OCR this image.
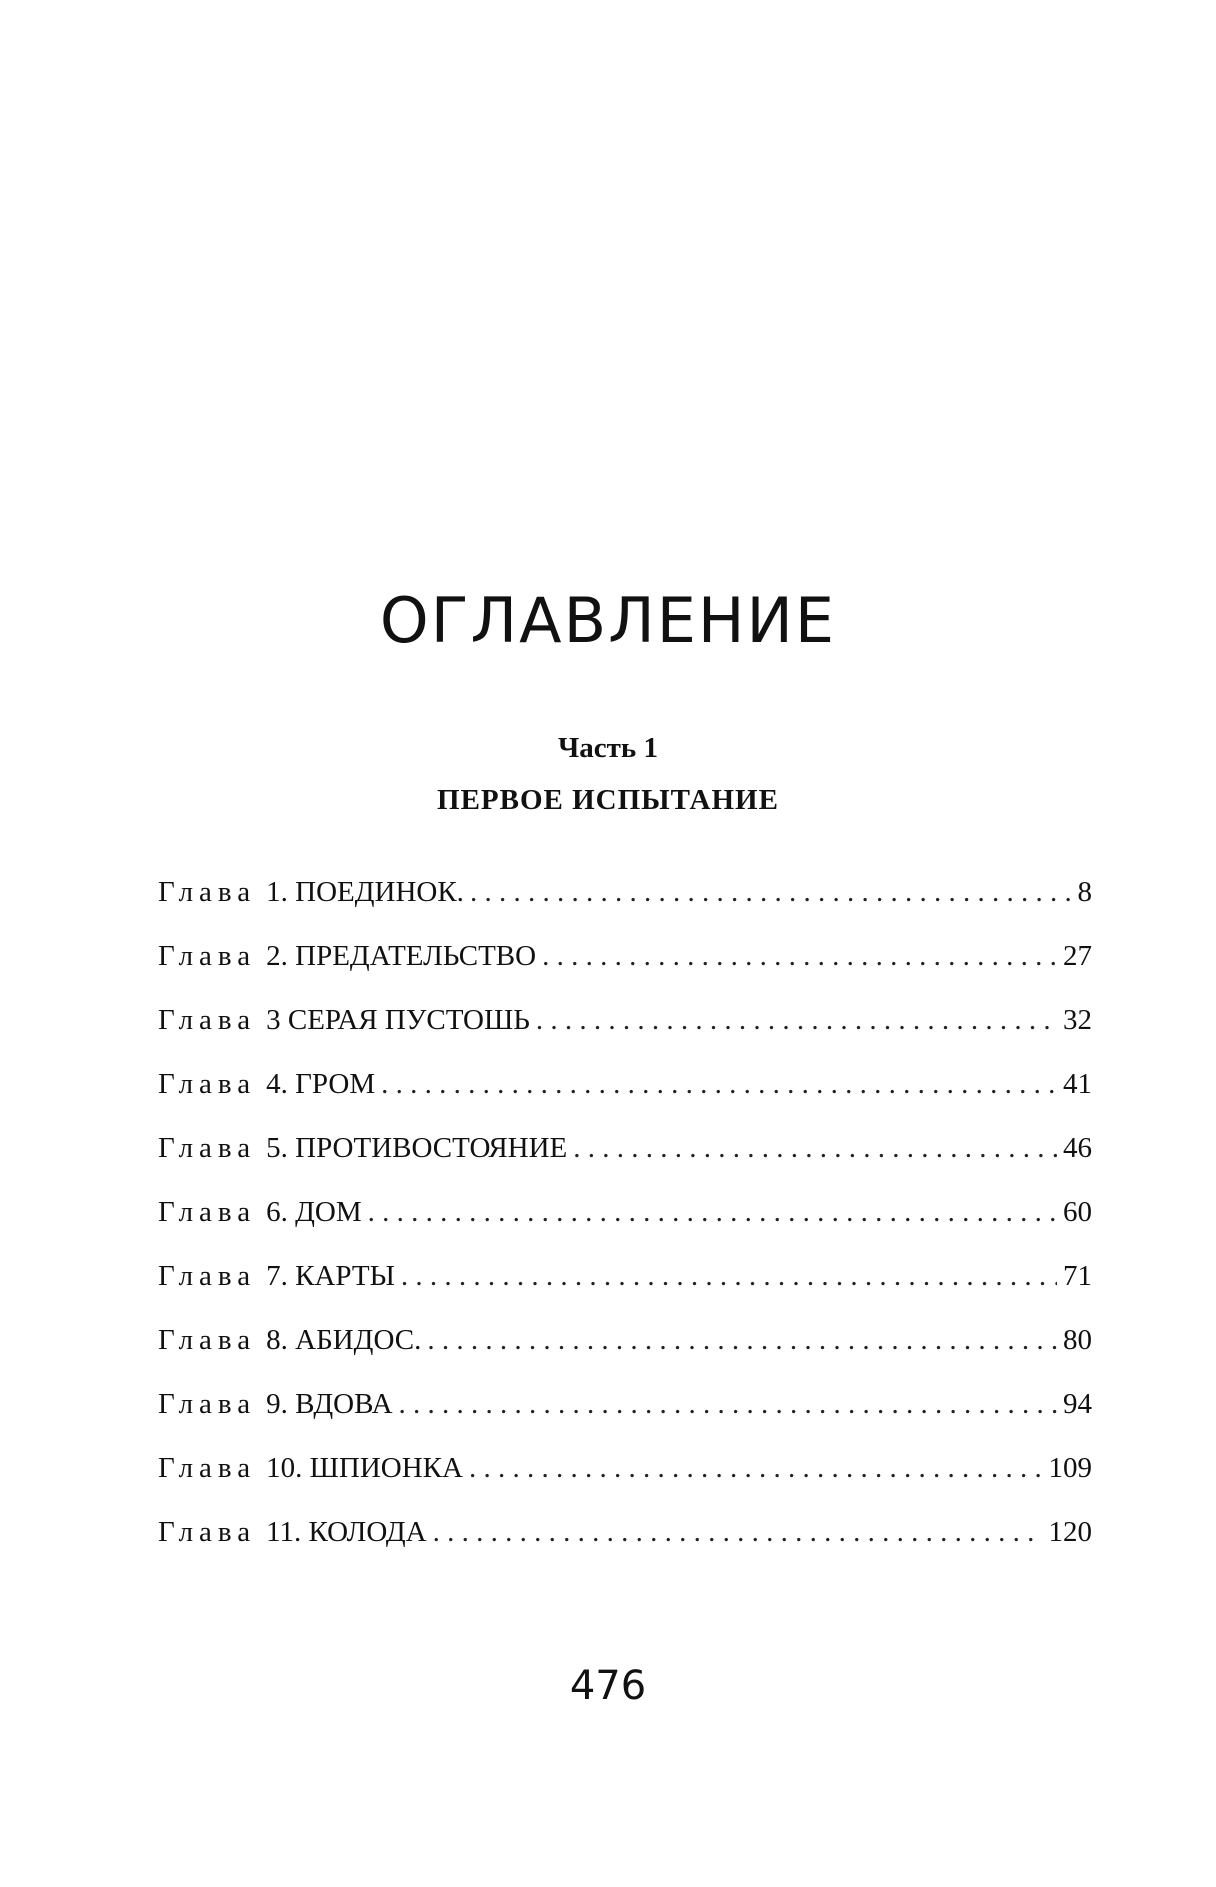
ОГЛАВЛЕНИЕ
Часть 1
ПЕРВОЕ ИСПЫТАНИЕ
Глава 1. ПОЕДИНОК. . . .	8
Глава 2. ПРЕДАТЕЛЬСТВО . . .	27
Глава 3 СЕРАЯ ПУСТОШЬ . . .	32
Глава 4. ГРОМ . . .	41
Глава 5. ПРОТИВОСТОЯНИЕ . . .	46
Глава 6. ДОМ . . .	60
Глава 7. КАРТЫ . . .	71
Глава 8. АБИДОС. . . .	80
Глава 9. ВДОВА . . .	94
Глава 10. ШПИОНКА . . .	109
Глава 11. КОЛОДА . . .	120
476
